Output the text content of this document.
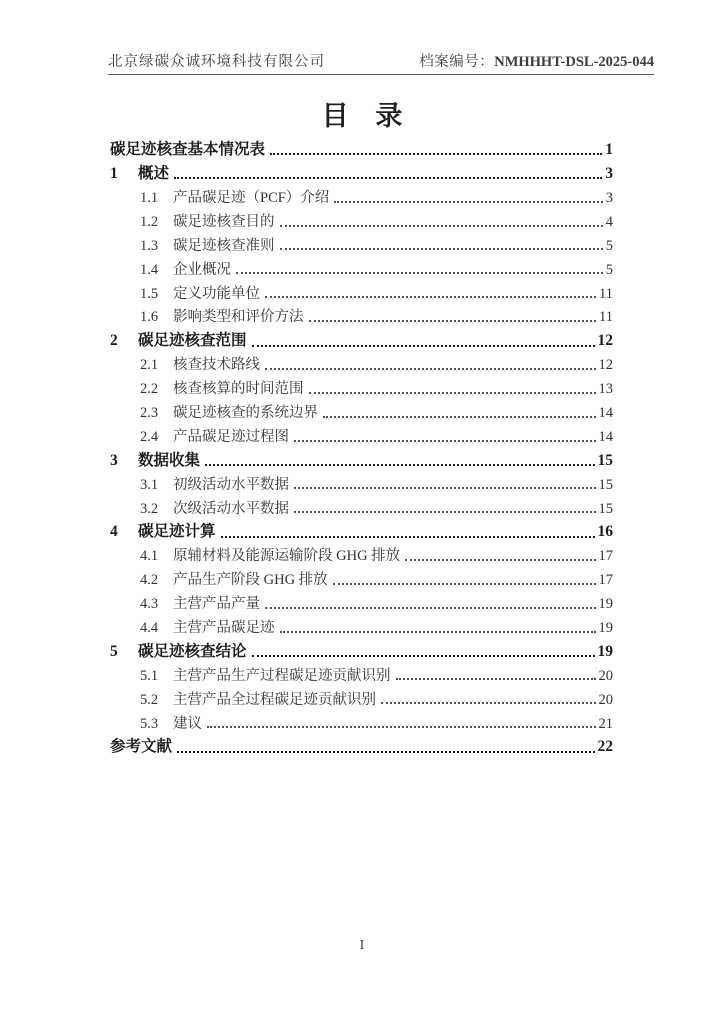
北京绿碳众诚环境科技有限公司	档案编号：NMHHHT-DSL-2025-044
目 录
碳足迹核查基本情况表	1
1	概述	3
1.1	产品碳足迹（PCF）介绍	3
1.2	碳足迹核查目的	4
1.3	碳足迹核查准则	5
1.4	企业概况	5
1.5	定义功能单位	11
1.6	影响类型和评价方法	11
2	碳足迹核查范围	12
2.1	核查技术路线	12
2.2	核查核算的时间范围	13
2.3	碳足迹核查的系统边界	14
2.4	产品碳足迹过程图	14
3	数据收集	15
3.1	初级活动水平数据	15
3.2	次级活动水平数据	15
4	碳足迹计算	16
4.1	原辅材料及能源运输阶段 GHG 排放	17
4.2	产品生产阶段 GHG 排放	17
4.3	主营产品产量	19
4.4	主营产品碳足迹	19
5	碳足迹核查结论	19
5.1	主营产品生产过程碳足迹贡献识别	20
5.2	主营产品全过程碳足迹贡献识别	20
5.3	建议	21
参考文献	22
I
